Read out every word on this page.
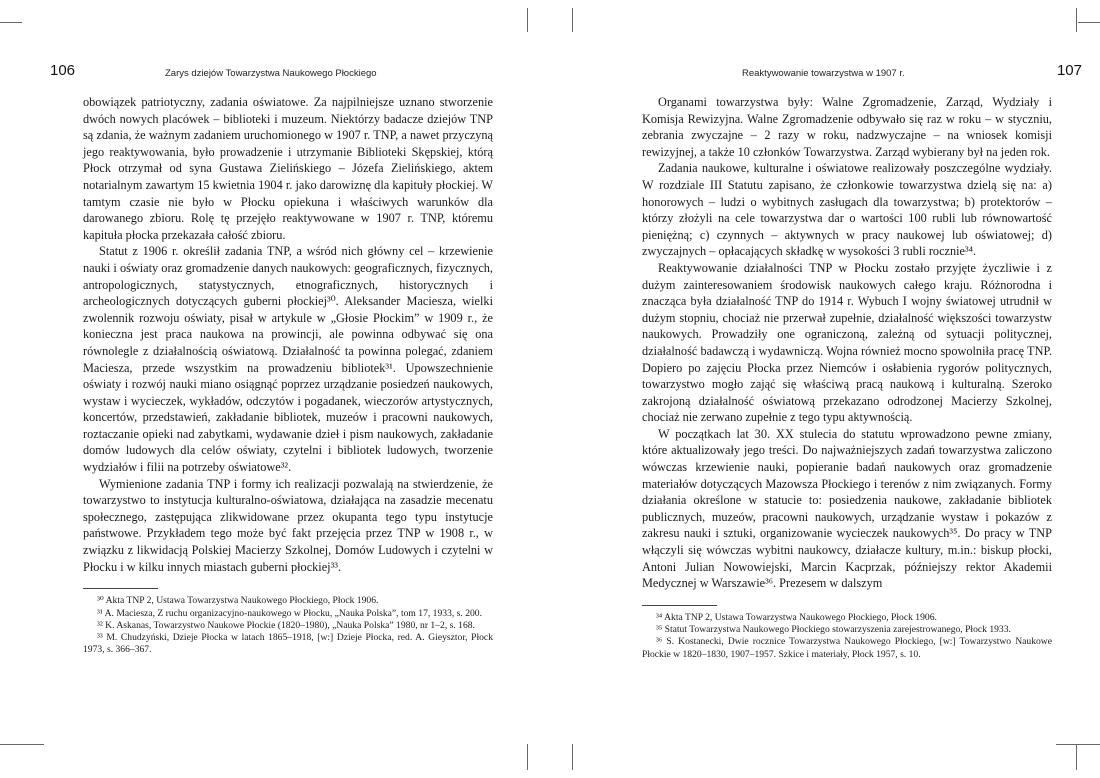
106	Zarys dziejów Towarzystwa Naukowego Płockiego

obowiązek patriotyczny, zadania oświatowe. Za najpilniejsze uznano stworzenie dwóch nowych placówek – biblioteki i muzeum. Niektórzy badacze dziejów TNP są zdania, że ważnym zadaniem uruchomionego w 1907 r. TNP, a nawet przyczyną jego reaktywowania, było prowadzenie i utrzymanie Biblioteki Skępskiej, którą Płock otrzymał od syna Gustawa Zielińskiego – Józefa Zielińskiego, aktem notarialnym zawartym 15 kwietnia 1904 r. jako darowiznę dla kapituły płockiej. W tamtym czasie nie było w Płocku opiekuna i właściwych warunków dla darowanego zbioru. Rolę tę przejęło reaktywowane w 1907 r. TNP, któremu kapituła płocka przekazała całość zbioru.

Statut z 1906 r. określił zadania TNP, a wśród nich główny cel – krzewienie nauki i oświaty oraz gromadzenie danych naukowych: geograficznych, fizycznych, antropologicznych, statystycznych, etnograficznych, historycznych i archeologicznych dotyczących guberni płockiej³⁰. Aleksander Maciesza, wielki zwolennik rozwoju oświaty, pisał w artykule w „Głosie Płockim” w 1909 r., że konieczna jest praca naukowa na prowincji, ale powinna odbywać się ona równolegle z działalnością oświatową. Działalność ta powinna polegać, zdaniem Maciesza, przede wszystkim na prowadzeniu bibliotek³¹. Upowszechnienie oświaty i rozwój nauki miano osiągnąć poprzez urządzanie posiedzeń naukowych, wystaw i wycieczek, wykładów, odczytów i pogadanek, wieczorów artystycznych, koncertów, przedstawień, zakładanie bibliotek, muzeów i pracowni naukowych, roztaczanie opieki nad zabytkami, wydawanie dzieł i pism naukowych, zakładanie domów ludowych dla celów oświaty, czytelni i bibliotek ludowych, tworzenie wydziałów i filii na potrzeby oświatowe³².

Wymienione zadania TNP i formy ich realizacji pozwalają na stwierdzenie, że towarzystwo to instytucja kulturalno-oświatowa, działająca na zasadzie mecenatu społecznego, zastępująca zlikwidowane przez okupanta tego typu instytucje państwowe. Przykładem tego może być fakt przejęcia przez TNP w 1908 r., w związku z likwidacją Polskiej Macierzy Szkolnej, Domów Ludowych i czytelni w Płocku i w kilku innych miastach guberni płockiej³³.

³⁰ Akta TNP 2, Ustawa Towarzystwa Naukowego Płockiego, Płock 1906.

³¹ A. Maciesza, Z ruchu organizacyjno-naukowego w Płocku, „Nauka Polska”, tom 17, 1933, s. 200.

³² K. Askanas, Towarzystwo Naukowe Płockie (1820–1980), „Nauka Polska” 1980, nr 1–2, s. 168.

³³ M. Chudzyński, Dzieje Płocka w latach 1865–1918, [w:] Dzieje Płocka, red. A. Gieysztor, Płock 1973, s. 366–367.

Reaktywowanie towarzystwa w 1907 r.	107

Organami towarzystwa były: Walne Zgromadzenie, Zarząd, Wydziały i Komisja Rewizyjna. Walne Zgromadzenie odbywało się raz w roku – w styczniu, zebrania zwyczajne – 2 razy w roku, nadzwyczajne – na wniosek komisji rewizyjnej, a także 10 członków Towarzystwa. Zarząd wybierany był na jeden rok.

Zadania naukowe, kulturalne i oświatowe realizowały poszczególne wydziały. W rozdziale III Statutu zapisano, że członkowie towarzystwa dzielą się na: a) honorowych – ludzi o wybitnych zasługach dla towarzystwa; b) protektorów – którzy złożyli na cele towarzystwa dar o wartości 100 rubli lub równowartość pieniężną; c) czynnych – aktywnych w pracy naukowej lub oświatowej; d) zwyczajnych – opłacających składkę w wysokości 3 rubli rocznie³⁴.

Reaktywowanie działalności TNP w Płocku zostało przyjęte życzliwie i z dużym zainteresowaniem środowisk naukowych całego kraju. Różnorodna i znacząca była działalność TNP do 1914 r. Wybuch I wojny światowej utrudnił w dużym stopniu, chociaż nie przerwał zupełnie, działalność większości towarzystw naukowych. Prowadziły one ograniczoną, zależną od sytuacji politycznej, działalność badawczą i wydawniczą. Wojna również mocno spowolniła pracę TNP. Dopiero po zajęciu Płocka przez Niemców i osłabienia rygorów politycznych, towarzystwo mogło zająć się właściwą pracą naukową i kulturalną. Szeroko zakrojoną działalność oświatową przekazano odrodzonej Macierzy Szkolnej, chociaż nie zerwano zupełnie z tego typu aktywnością.

W początkach lat 30. XX stulecia do statutu wprowadzono pewne zmiany, które aktualizowały jego treści. Do najważniejszych zadań towarzystwa zaliczono wówczas krzewienie nauki, popieranie badań naukowych oraz gromadzenie materiałów dotyczących Mazowsza Płockiego i terenów z nim związanych. Formy działania określone w statucie to: posiedzenia naukowe, zakładanie bibliotek publicznych, muzeów, pracowni naukowych, urządzanie wystaw i pokazów z zakresu nauki i sztuki, organizowanie wycieczek naukowych³⁵. Do pracy w TNP włączyli się wówczas wybitni naukowcy, działacze kultury, m.in.: biskup płocki, Antoni Julian Nowowiejski, Marcin Kacprzak, późniejszy rektor Akademii Medycznej w Warszawie³⁶. Prezesem w dalszym

³⁴ Akta TNP 2, Ustawa Towarzystwa Naukowego Płockiego, Płock 1906.

³⁵ Statut Towarzystwa Naukowego Płockiego stowarzyszenia zarejestrowanego, Płock 1933.

³⁶ S. Kostanecki, Dwie rocznice Towarzystwa Naukowego Płockiego, [w:] Towarzystwo Naukowe Płockie w 1820–1830, 1907–1957. Szkice i materiały, Płock 1957, s. 10.
